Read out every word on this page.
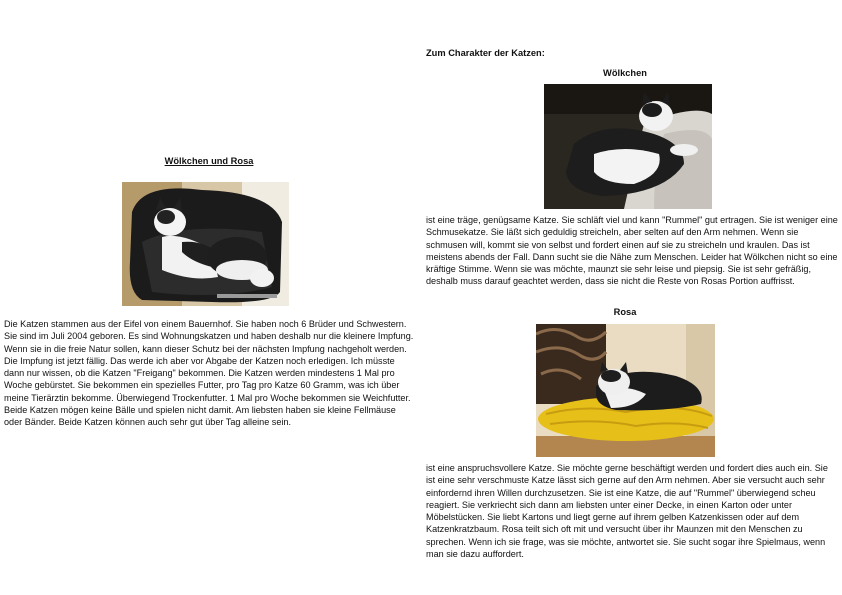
Wölkchen und Rosa

Die Katzen stammen aus der Eifel von einem Bauernhof. Sie haben noch 6 Brüder und Schwestern. Sie sind im Juli 2004 geboren. Es sind Wohnungskatzen und haben deshalb nur die kleinere Impfung. Wenn sie in die freie Natur sollen, kann dieser Schutz bei der nächsten Impfung nachgeholt werden. Die Impfung ist jetzt fällig. Das werde ich aber vor Abgabe der Katzen noch erledigen. Ich müsste dann nur wissen, ob die Katzen "Freigang" bekommen. Die Katzen werden mindestens 1 Mal pro Woche gebürstet. Sie bekommen ein spezielles Futter, pro Tag pro Katze 60 Gramm, was ich über meine Tierärztin bekomme. Überwiegend Trockenfutter. 1 Mal pro Woche bekommen sie Weichfutter. Beide Katzen mögen keine Bälle und spielen nicht damit. Am liebsten haben sie kleine Fellmäuse oder Bänder. Beide Katzen können auch sehr gut über Tag alleine sein.

Zum Charakter der Katzen:
Wölkchen

ist eine träge, genügsame Katze. Sie schläft viel und kann "Rummel" gut ertragen. Sie ist weniger eine Schmusekatze. Sie läßt sich geduldig streicheln, aber selten auf den Arm nehmen. Wenn sie schmusen will, kommt sie von selbst und fordert einen auf sie zu streicheln und kraulen. Das ist meistens abends der Fall. Dann sucht sie die Nähe zum Menschen. Leider hat Wölkchen nicht so eine kräftige Stimme. Wenn sie was möchte, maunzt sie sehr leise und piepsig. Sie ist sehr gefräßig, deshalb muss darauf geachtet werden, dass sie nicht die Reste von Rosas Portion auffrisst.

Rosa

ist eine anspruchsvollere Katze. Sie möchte gerne beschäftigt werden und fordert dies auch ein. Sie ist eine sehr verschmuste Katze lässt sich gerne auf den Arm nehmen. Aber sie versucht auch sehr einfordernd ihren Willen durchzusetzen. Sie ist eine Katze, die auf "Rummel" überwiegend scheu reagiert. Sie verkriecht sich dann am liebsten unter einer Decke, in einen Karton oder unter Möbelstücken. Sie liebt Kartons und liegt gerne auf ihrem gelben Katzenkissen oder auf dem Katzenkratzbaum. Rosa teilt sich oft mit und versucht über ihr Maunzen mit den Menschen zu sprechen. Wenn ich sie frage, was sie möchte, antwortet sie. Sie sucht sogar ihre Spielmaus, wenn man sie dazu auffordert.
